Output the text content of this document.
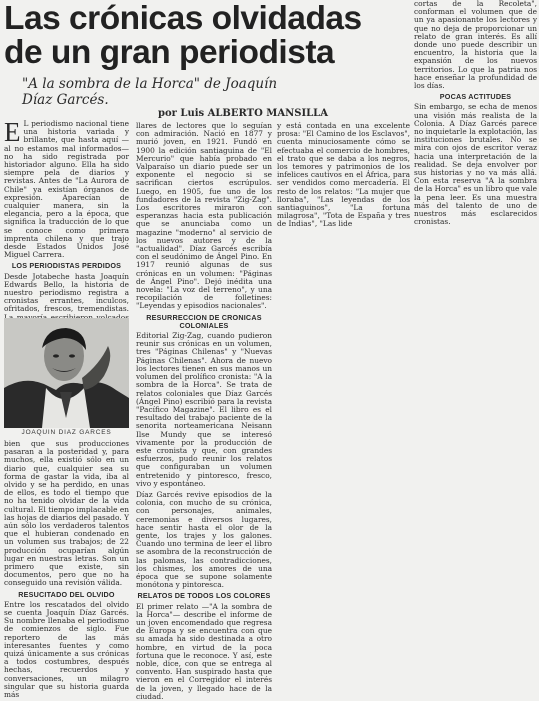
Las crónicas olvidadas
de un gran periodista

"A la sombra de la Horca" de Joaquín Díaz Garcés.

por Luis ALBERTO MANSILLA

E L periodismo nacional tiene una historia variada y brillante, que hasta aquí —al no estamos mal informados— no ha sido registrada por historiador alguno. Ella ha sido siempre pela de diarios y revistas. Antes de "La Aurora de Chile" ya existían órganos de expresión. Aparecían de cualquier manera, sin la elegancia, pero a la época, que significa la traducción de lo que se conoce como primera imprenta chilena y que trajo desde Estados Unidos José Miguel Carrera.

LOS PERIODISTAS PERDIDOS

Desde Jotabeche hasta Joaquín Edwards Bello, la historia de nuestro periodismo registra a cronistas errantes, inculcos, ofritados, frescos, tremendistas.

JOAQUIN DIAZ GARCES

bien que sus producciones pasaran a la posteridad y, para muchos, ella existió sólo en un diario que, cualquier sea su forma de gastar la vida, iba al olvido y se ha perdido, en unas de ellos, es todo el tiempo que no ha tenido olvidar de la vida cultural. El tiempo implacable en las hojas de diarios del pasado. Y aún sólo los verdaderos talentos que el hubieran condenado en un volumen sus trabajos; de 22 producción ocuparían algún lugar en nuestras letras. Son un primero que existe, sin documentos, pero que no ha conseguido una revisión válida.

RESUCITADO DEL OLVIDO

Entre los rescatados del olvido se cuenta Joaquín Díaz Garcés. Su nombre llenaba el periodismo de comienzos de siglo. Fue reportero de las más interesantes fuentes y como quizá únicamente a sus crónicas a todos costumbres, después hechas, recuerdos y conversaciones, un milagro singular que su historia guarda más

llares de lectores que lo seguían con admiración. Nació en 1877 y murió joven, en 1921. Fundó en 1900 la edición santiaguina de "El Mercurio" que había probado en Valparaíso un diario puede ser un exponente el negocio si se sacrifican ciertos escrúpulos. Luego, en 1905, fue uno de los fundadores de la revista "Zig-Zag". Los escritores miraron con esperanzas hacia esta publicación que se anunciaba como un magazine "moderno" al servicio de los nuevos autores y de la "actualidad". Díaz Garcés escribía con el seudónimo de Ángel Pino. En 1917 reunió algunas de sus crónicas en un volumen: "Páginas de Ángel Pino". Dejó inédita una novela: "La voz del terreno", y una recopilación de folletines: "Leyendas y episodios nacionales".

RESURRECCION DE CRONICAS COLONIALES

Editorial Zig-Zag, cuando pudieron reunir sus crónicas en un volumen, tres "Páginas Chilenas" y "Nuevas Páginas Chilenas". Ahora de nuevo los lectores tienen en sus manos un volumen del prolífico cronista: "A la sombra de la Horca". Se trata de relatos coloniales que Díaz Garcés (Ángel Pino) escribió para la revista "Pacífico Magazine". El libro es el resultado del trabajo paciente de la senorita norteamericana Neisann Ilse Mundy que se interesó vivamente por la producción de este cronista y que, con grandes esfuerzos, pudo reunir los relatos que configuraban un volumen entretenido y pintoresco, fresco, vivo y espontáneo.

Díaz Garcés revive episodios de la colonia, con mucho de su crónica, con personajes, animales, ceremonias e diversos lugares, hace sentir hasta el olor de la gente, los trajes y los galones. Cuando uno termina de leer el libro se asombra de la reconstrucción de las palomas, las contradicciones, los chismes, los amores de una época que se supone solamente monótona y pintoresca.

RELATOS DE TODOS LOS COLORES

El primer relato —"A la sombra de la Horca"— describe el informe de un joven encomendado que regresa de Europa y se encuentra con que su amada ha sido destinada a otro hombre, en virtud de la poca fortuna que le reconoce. Y así, este noble, dice, con que se entrega al convento. Han suspirado hasta que vieron en el Corregidor el interés de la joven, y llegado hace de la ciudad.

y está contada en una excelente prosa: "El Camino de los Esclavos", cuenta minuciosamente cómo se efectuaba el comercio de hombres, el trato que se daba a los negros, los temores y patrimonios de los infelices cautivos en el África, para ser vendidos como mercadería. El resto de los relatos: "La mujer que lloraba", "Las leyendas de los santiaguinos", "La fortuna milagrosa", "Tota de España y tres de Indias", "Las lide

cortas de la Recoleta", conforman el volumen que de un ya apasionante los lectores y que no deja de proporcionar un relato de gran interés. Es allí donde uno puede describir un encuentro, la historia que la expansión de los nuevos territorios. Lo que la patria nos hace enseñar la profundidad de los días.

POCAS ACTITUDES

Sin embargo, se echa de menos una visión más realista de la Colonia. A Díaz Garcés parece no inquietarle la explotación, las instituciones brutales. No se mira con ojos de escritor veraz hacia una interpretación de la realidad. Se deja envolver por sus historias y no va más allá. Con esta reserva "A la sombra de la Horca" es un libro que vale la pena leer. Es una muestra más del talento de uno de nuestros más esclarecidos cronistas.
